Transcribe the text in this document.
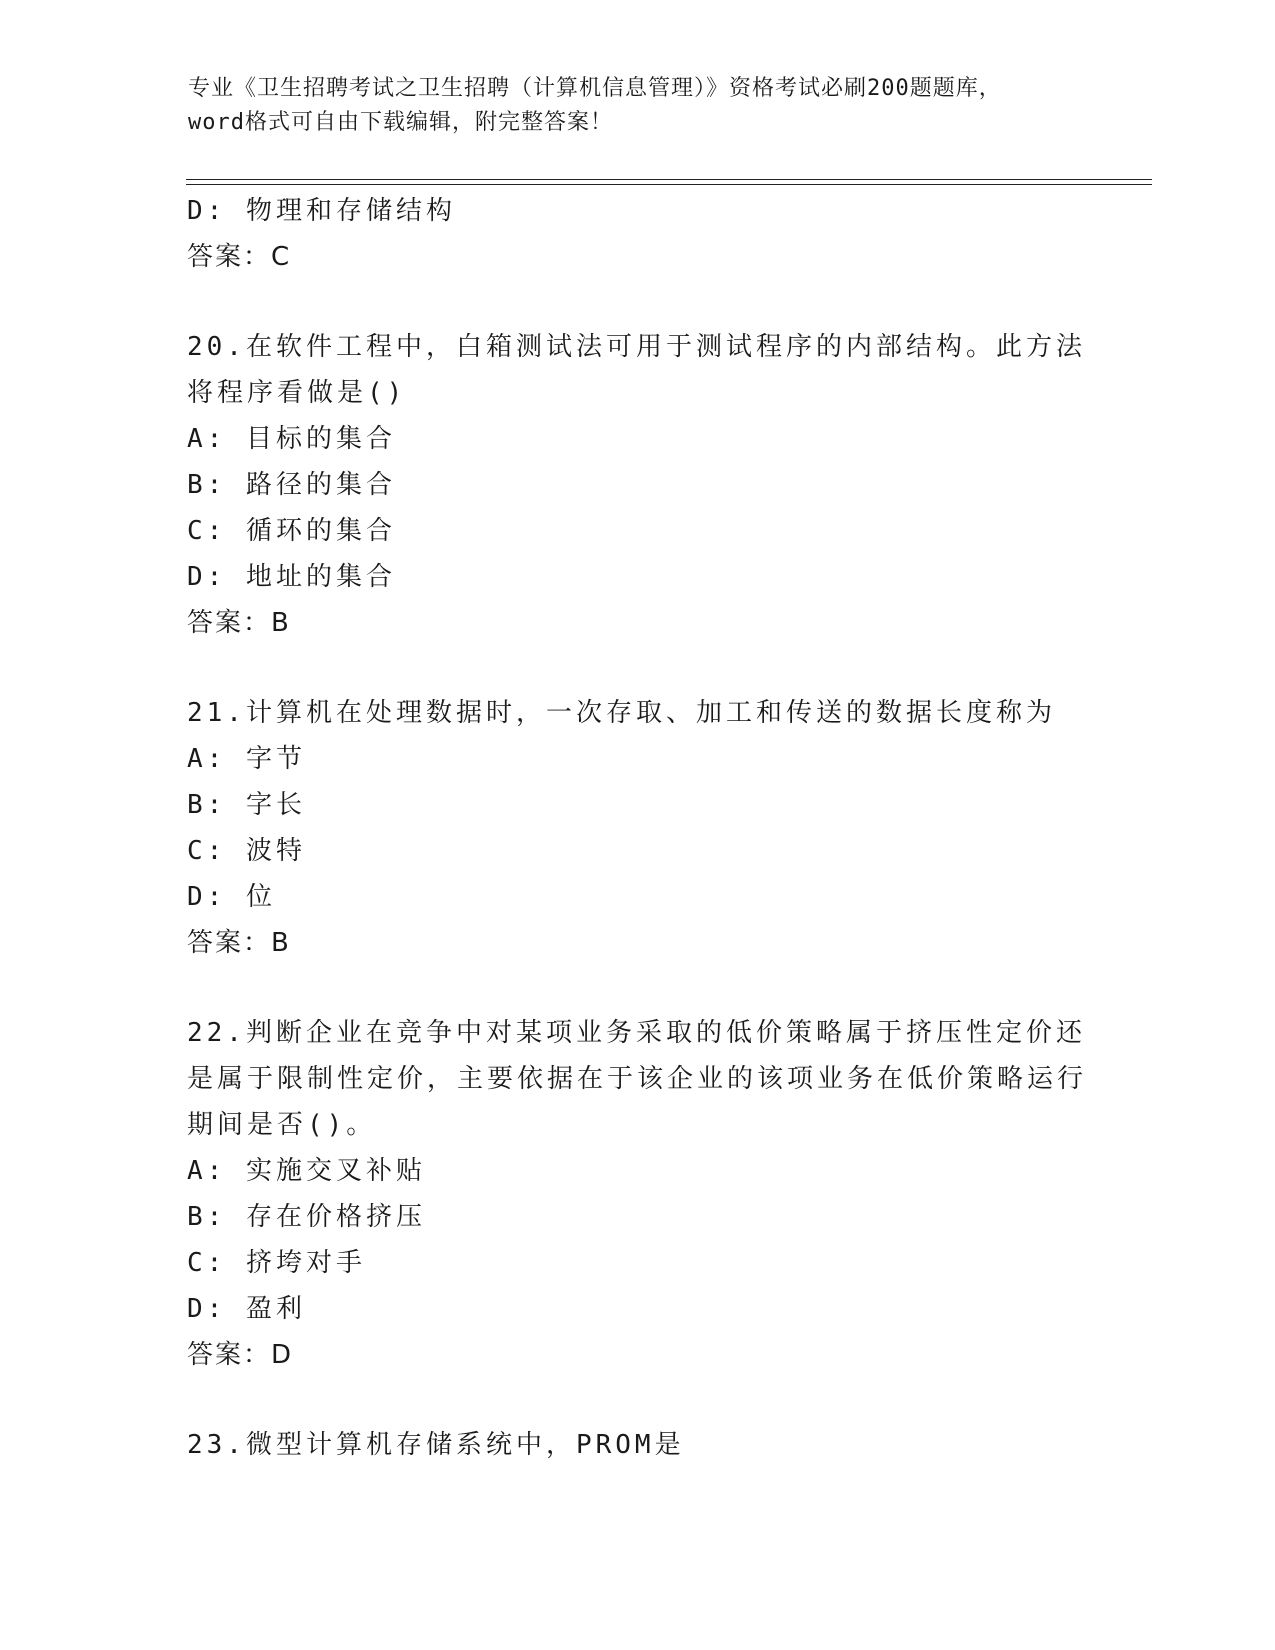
专业《卫生招聘考试之卫生招聘（计算机信息管理）》资格考试必刷200题题库，
word格式可自由下载编辑，附完整答案！
D: 物理和存储结构
答案：C
20.在软件工程中，白箱测试法可用于测试程序的内部结构。此方法将程序看做是()
A: 目标的集合
B: 路径的集合
C: 循环的集合
D: 地址的集合
答案：B
21.计算机在处理数据时，一次存取、加工和传送的数据长度称为
A: 字节
B: 字长
C: 波特
D: 位
答案：B
22.判断企业在竞争中对某项业务采取的低价策略属于挤压性定价还是属于限制性定价，主要依据在于该企业的该项业务在低价策略运行期间是否()。
A: 实施交叉补贴
B: 存在价格挤压
C: 挤垮对手
D: 盈利
答案：D
23.微型计算机存储系统中，PROM是
